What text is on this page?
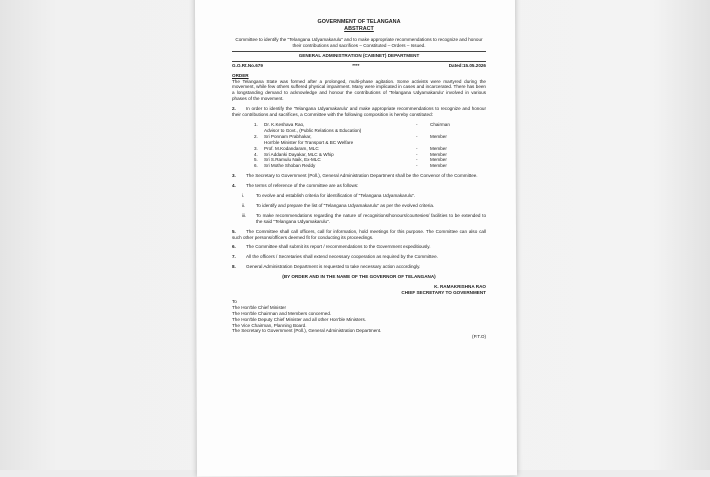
GOVERNMENT OF TELANGANA
ABSTRACT
Committee to identify the "Telangana Udyamakarulu" and to make appropriate recommendations to recognize and honour their contributions and sacrifices – Constituted – Orders – Issued.
GENERAL ADMINISTRATION (CABINET) DEPARTMENT
G.O.Rt.No.679	****	Dated:15.05.2026
ORDER
The Telangana State was formed after a prolonged, multi-phase agitation. Some activists were martyred during the movement, while few others suffered physical impairment. Many were implicated in cases and incarcerated. There has been a longstanding demand to acknowledge and honour the contributions of 'Telangana Udyamakarulu' involved in various phases of the movement.
2. In order to identify the 'Telangana Udyamakarulu' and make appropriate recommendations to recognize and honour their contributions and sacrifices, a Committee with the following composition is hereby constituted:
1.	Dr. K.Keshava Rao,	-	Chairman
Advisor to Govt., (Public Relations & Education)
2.	Sri Ponnam Prabhakar,	-	Member
Hon'ble Minister for Transport & BC Welfare
3.	Prof. M.Kodandaram, MLC	-	Member
4.	Sri Addanki Dayakar, MLC & Whip	-	Member
5.	Sri S.Ramulu Naik, Ex-MLC	-	Member
6.	Sri Mothe Shoban Reddy	-	Member
3. The Secretary to Government (Poll.), General Administration Department shall be the Convenor of the Committee.
4. The terms of reference of the committee are as follows:
i.	To evolve and establish criteria for identification of "Telangana Udyamakarulu".
ii.	To identify and prepare the list of "Telangana Udyamakarulu" as per the evolved criteria.
iii.	To make recommendations regarding the nature of recognitions/honours/courtesies/ facilities to be extended to the said "Telangana Udyamakarulu".
5. The Committee shall call officers, call for information, hold meetings for this purpose. The Committee can also call such other persons/officers deemed fit for conducting its proceedings.
6. The Committee shall submit its report / recommendations to the Government expeditiously.
7. All the officers / Secretaries shall extend necessary cooperation as required by the Committee.
8. General Administration Department is requested to take necessary action accordingly.
(BY ORDER AND IN THE NAME OF THE GOVERNOR OF TELANGANA)
K. RAMAKRISHNA RAO
CHIEF SECRETARY TO GOVERNMENT
To
The Hon'ble Chief Minister
The Hon'ble Chairman and Members concerned.
The Hon'ble Deputy Chief Minister and all other Hon'ble Ministers.
The Vice Chairman, Planning Board.
The Secretary to Government (Poll.), General Administration Department.
(P.T.O)
